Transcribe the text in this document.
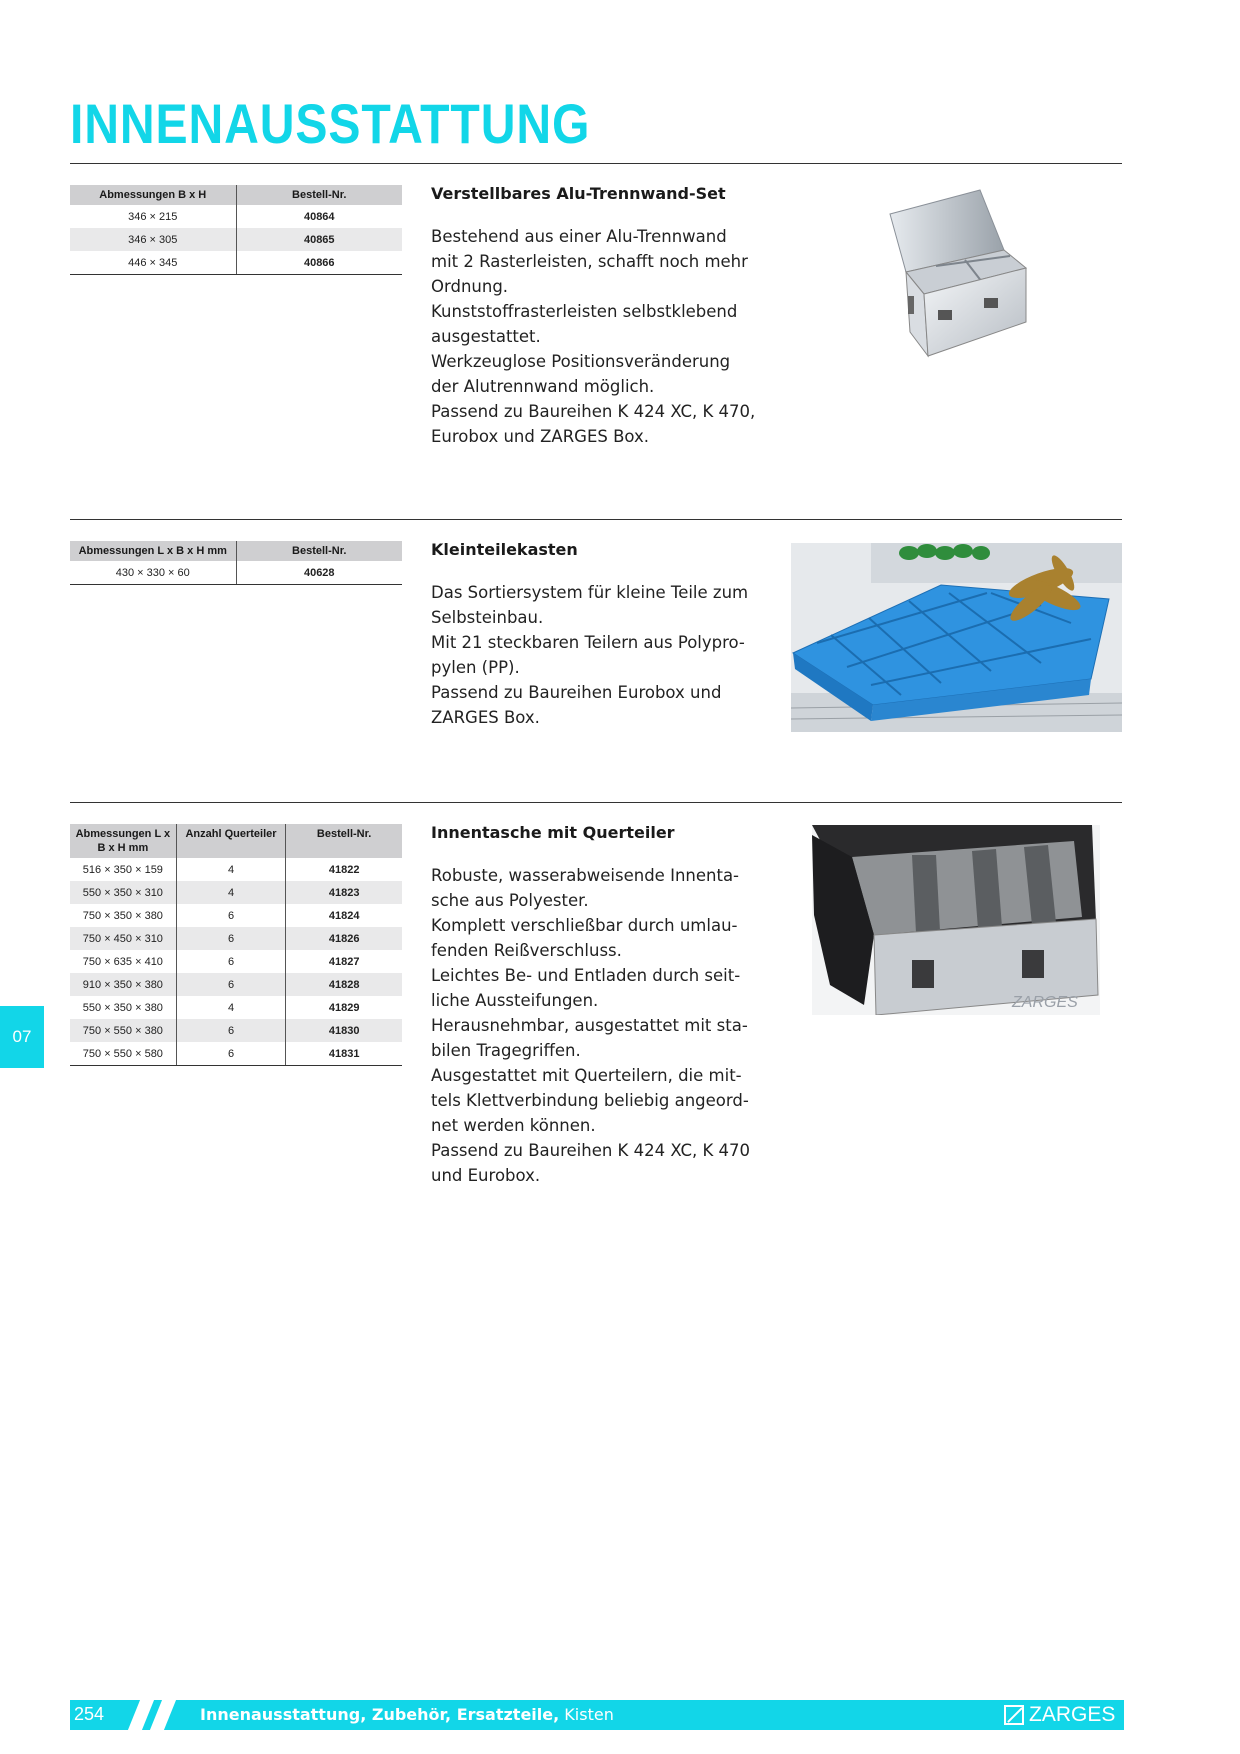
INNENAUSSTATTUNG
Abmessungen B x H	Bestell-Nr.
346 × 215	40864
346 × 305	40865
446 × 345	40866
Verstellbares Alu-Trennwand-Set

Bestehend aus einer Alu-Trennwand

mit 2 Rasterleisten, schafft noch mehr

Ordnung.

Kunststoffrasterleisten selbstklebend

ausgestattet.

Werkzeuglose Positionsveränderung

der Alutrennwand möglich.

Passend zu Baureihen K 424 XC, K 470,

Eurobox und ZARGES Box.

Abmessungen L x B x H mm	Bestell-Nr.
430 × 330 × 60	40628
Kleinteilekasten

Das Sortiersystem für kleine Teile zum

Selbsteinbau.

Mit 21 steckbaren Teilern aus Polypro-

pylen (PP).

Passend zu Baureihen Eurobox und

ZARGES Box.

Abmessungen L x B x H mm	Anzahl Querteiler	Bestell-Nr.
516 × 350 × 159	4	41822
550 × 350 × 310	4	41823
750 × 350 × 380	6	41824
750 × 450 × 310	6	41826
750 × 635 × 410	6	41827
910 × 350 × 380	6	41828
550 × 350 × 380	4	41829
750 × 550 × 380	6	41830
750 × 550 × 580	6	41831
Innentasche mit Querteiler

Robuste, wasserabweisende Innenta-

sche aus Polyester.

Komplett verschließbar durch umlau-

fenden Reißverschluss.

Leichtes Be- und Entladen durch seit-

liche Aussteifungen.

Herausnehmbar, ausgestattet mit sta-

bilen Tragegriffen.

Ausgestattet mit Querteilern, die mit-

tels Klettverbindung beliebig angeord-

net werden können.

Passend zu Baureihen K 424 XC, K 470

und Eurobox.

ZARGES
07
254	Innenausstattung, Zubehör, Ersatzteile, Kisten	ZARGES
